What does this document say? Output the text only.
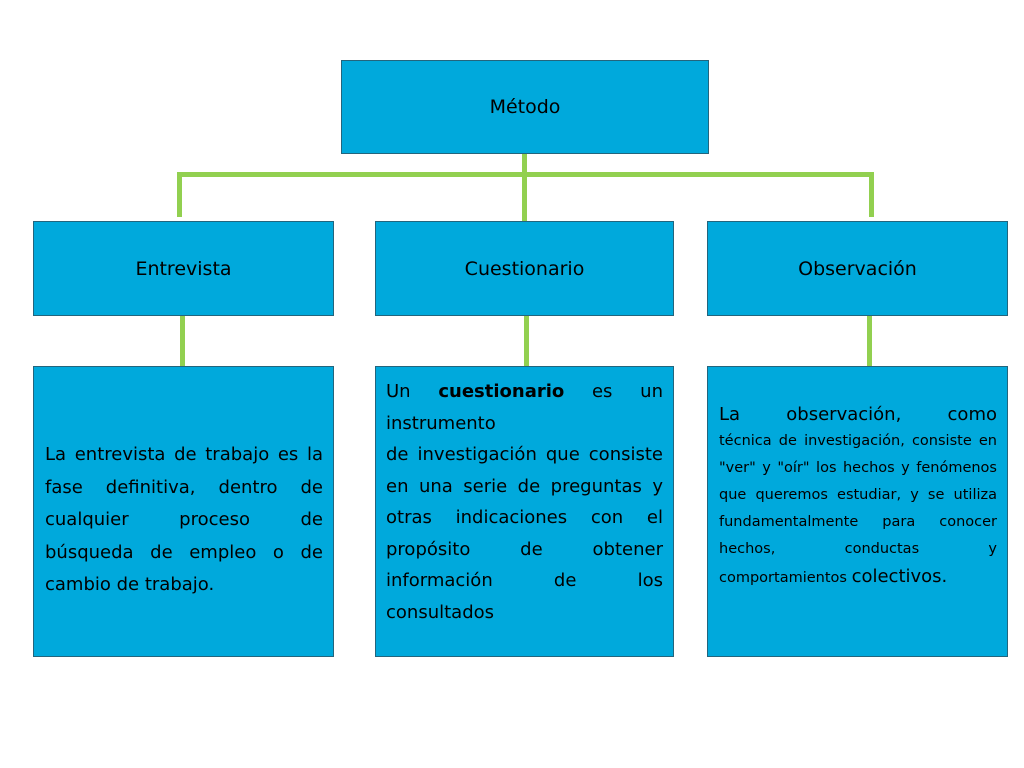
Método
Entrevista	Cuestionario	Observación
La entrevista de trabajo es la fase definitiva, dentro de cualquier proceso de búsqueda de empleo o de cambio de trabajo.
Un cuestionario es un instrumento
de investigación que consiste en una serie de preguntas y otras indicaciones con el propósito de obtener información de los consultados
La observación, como
técnica de investigación, consiste en "ver" y "oír" los hechos y fenómenos que queremos estudiar, y se utiliza fundamentalmente para conocer hechos, conductas y comportamientos colectivos.
